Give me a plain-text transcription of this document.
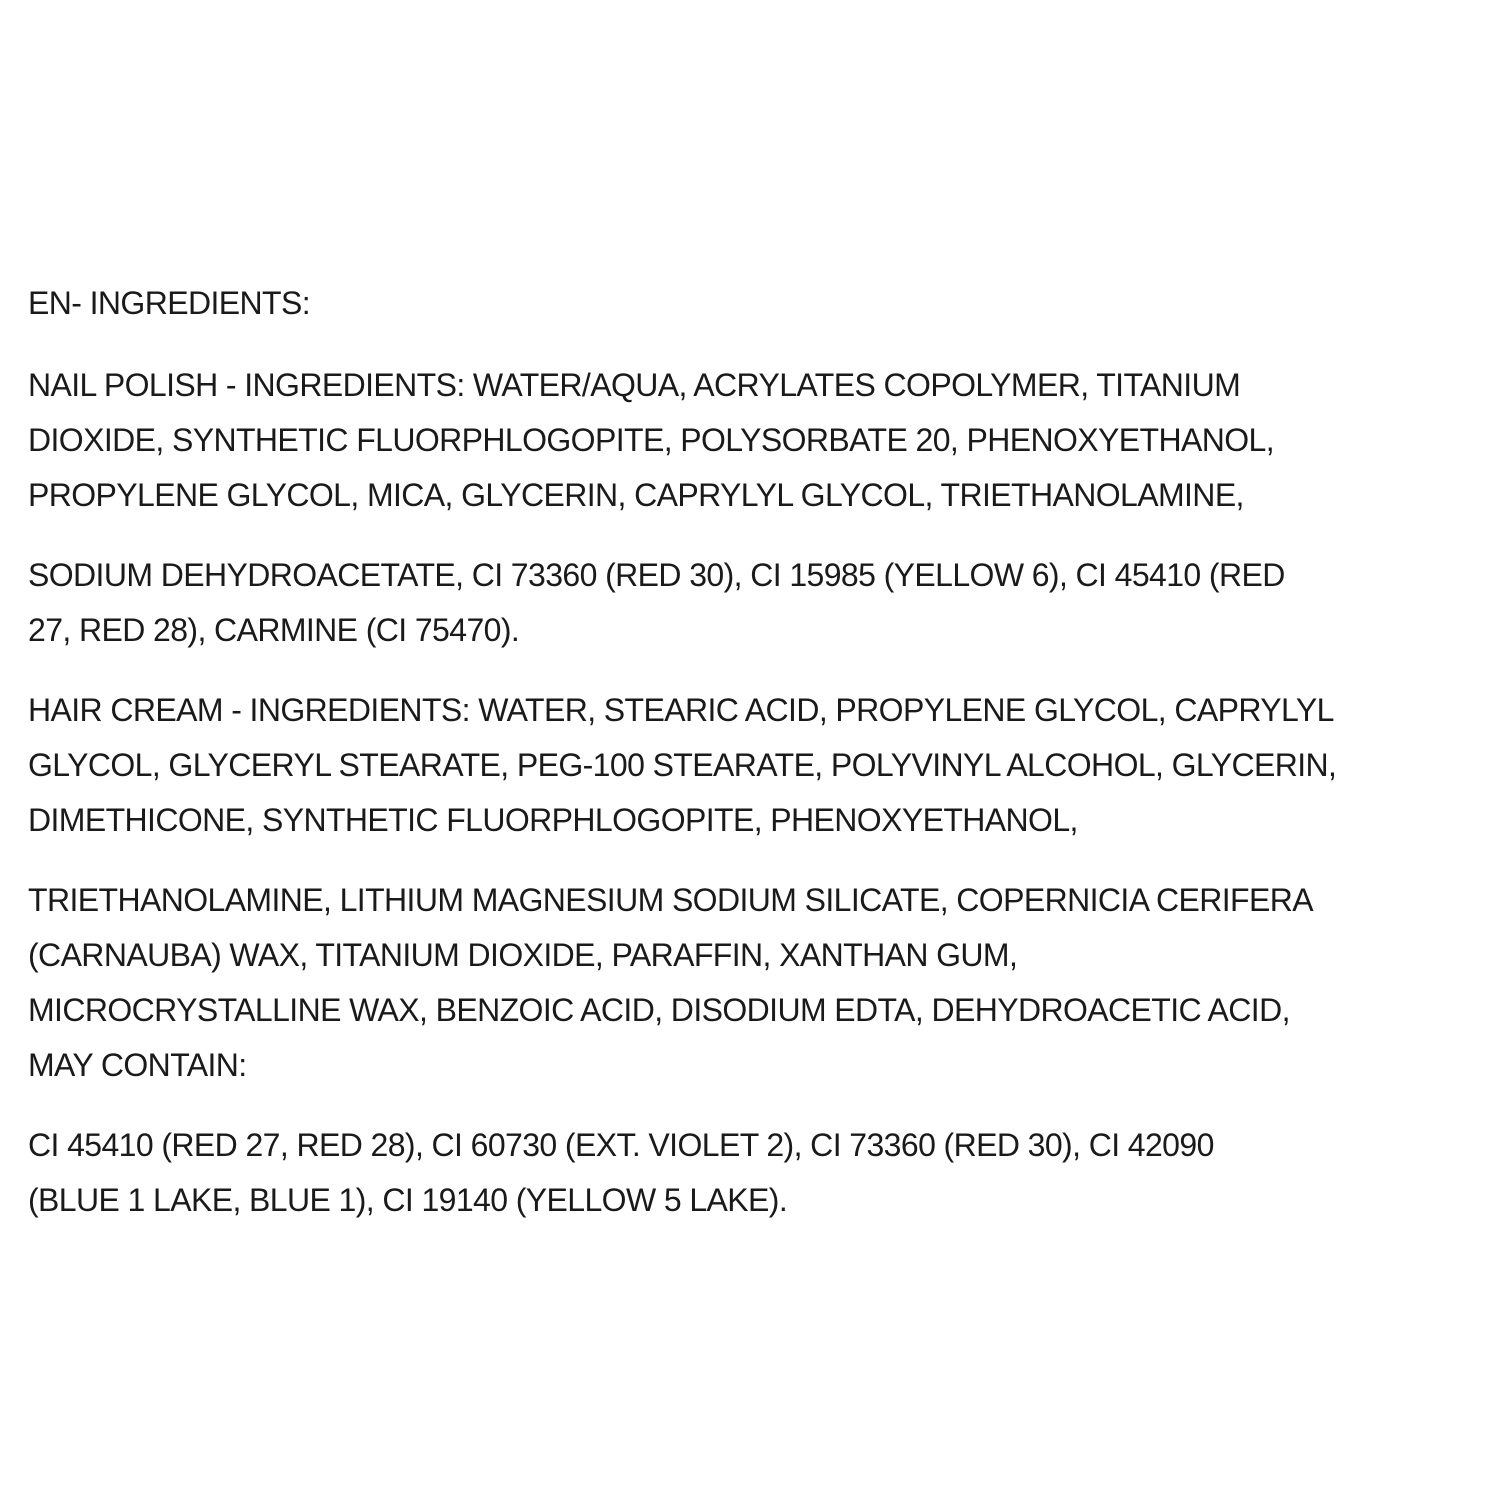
EN- INGREDIENTS:
NAIL POLISH - INGREDIENTS: WATER/AQUA, ACRYLATES COPOLYMER, TITANIUM
DIOXIDE, SYNTHETIC FLUORPHLOGOPITE, POLYSORBATE 20, PHENOXYETHANOL,
PROPYLENE GLYCOL, MICA, GLYCERIN, CAPRYLYL GLYCOL, TRIETHANOLAMINE,
SODIUM DEHYDROACETATE, CI 73360 (RED 30), CI 15985 (YELLOW 6), CI 45410 (RED
27, RED 28), CARMINE (CI 75470).
HAIR CREAM - INGREDIENTS: WATER, STEARIC ACID, PROPYLENE GLYCOL, CAPRYLYL
GLYCOL, GLYCERYL STEARATE, PEG-100 STEARATE, POLYVINYL ALCOHOL, GLYCERIN,
DIMETHICONE, SYNTHETIC FLUORPHLOGOPITE, PHENOXYETHANOL,
TRIETHANOLAMINE, LITHIUM MAGNESIUM SODIUM SILICATE, COPERNICIA CERIFERA
(CARNAUBA) WAX, TITANIUM DIOXIDE, PARAFFIN, XANTHAN GUM,
MICROCRYSTALLINE WAX, BENZOIC ACID, DISODIUM EDTA, DEHYDROACETIC ACID,
MAY CONTAIN:
CI 45410 (RED 27, RED 28), CI 60730 (EXT. VIOLET 2), CI 73360 (RED 30), CI 42090
(BLUE 1 LAKE, BLUE 1), CI 19140 (YELLOW 5 LAKE).
